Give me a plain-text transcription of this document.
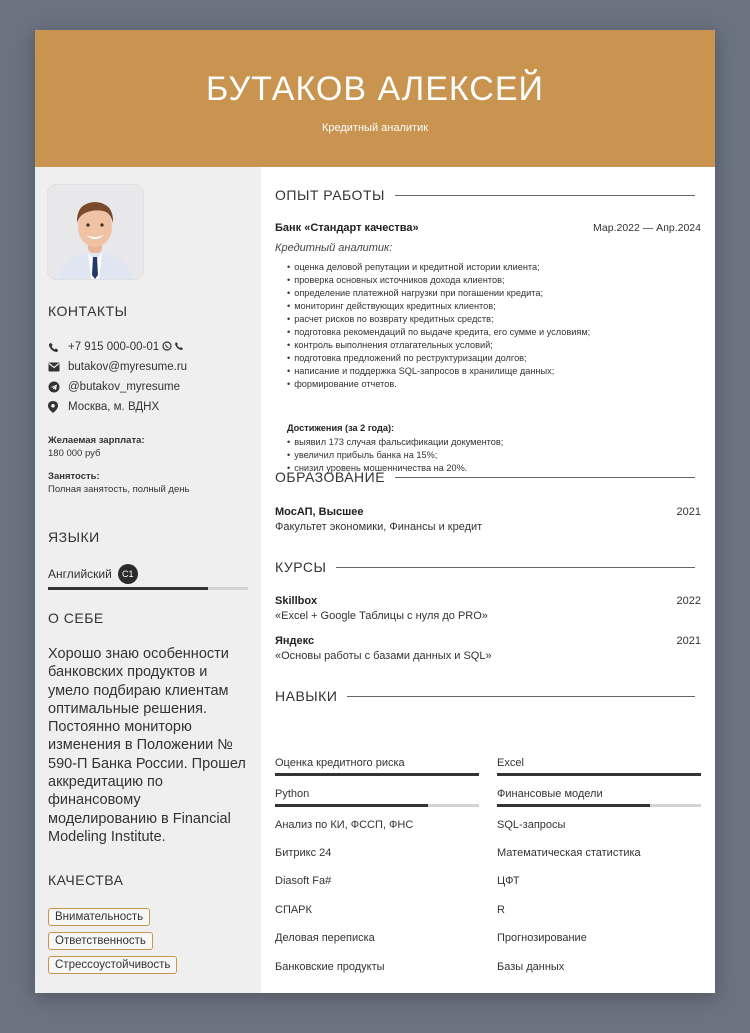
БУТАКОВ АЛЕКСЕЙ
Кредитный аналитик
КОНТАКТЫ
+7 915 000-00-01
butakov@myresume.ru
@butakov_myresume
Москва, м. ВДНХ
Желаемая зарплата:
180 000 руб
Занятость:
Полная занятость, полный день
ЯЗЫКИ
Английский	C1
О СЕБЕ
Хорошо знаю особенности банковских продуктов и умело подбираю клиентам оптимальные решения. Постоянно мониторю изменения в Положении № 590-П Банка России. Прошел аккредитацию по финансовому моделированию в Financial Modeling Institute.
КАЧЕСТВА
Внимательность
Ответственность
Стрессоустойчивость
ОПЫТ РАБОТЫ
Банк «Стандарт качества»	Мар.2022 — Апр.2024
Кредитный аналитик:
• оценка деловой репутации и кредитной истории клиента;
• проверка основных источников дохода клиентов;
• определение платежной нагрузки при погашении кредита;
• мониторинг действующих кредитных клиентов;
• расчет рисков по возврату кредитных средств;
• подготовка рекомендаций по выдаче кредита, его сумме и условиям;
• контроль выполнения отлагательных условий;
• подготовка предложений по реструктуризации долгов;
• написание и поддержка SQL-запросов в хранилище данных;
• формирование отчетов.
Достижения (за 2 года):
• выявил 173 случая фальсификации документов;
• увеличил прибыль банка на 15%;
• снизил уровень мошенничества на 20%.
ОБРАЗОВАНИЕ
МосАП, Высшее	2021
Факультет экономики, Финансы и кредит
КУРСЫ
Skillbox	2022
«Excel + Google Таблицы с нуля до PRO»
Яндекс	2021
«Основы работы с базами данных и SQL»
НАВЫКИ
Оценка кредитного риска	Excel
Python	Финансовые модели
Анализ по КИ, ФССП, ФНС	SQL-запросы
Битрикс 24	Математическая статистика
Diasoft Fa#	ЦФТ
СПАРК	R
Деловая переписка	Прогнозирование
Банковские продукты	Базы данных
